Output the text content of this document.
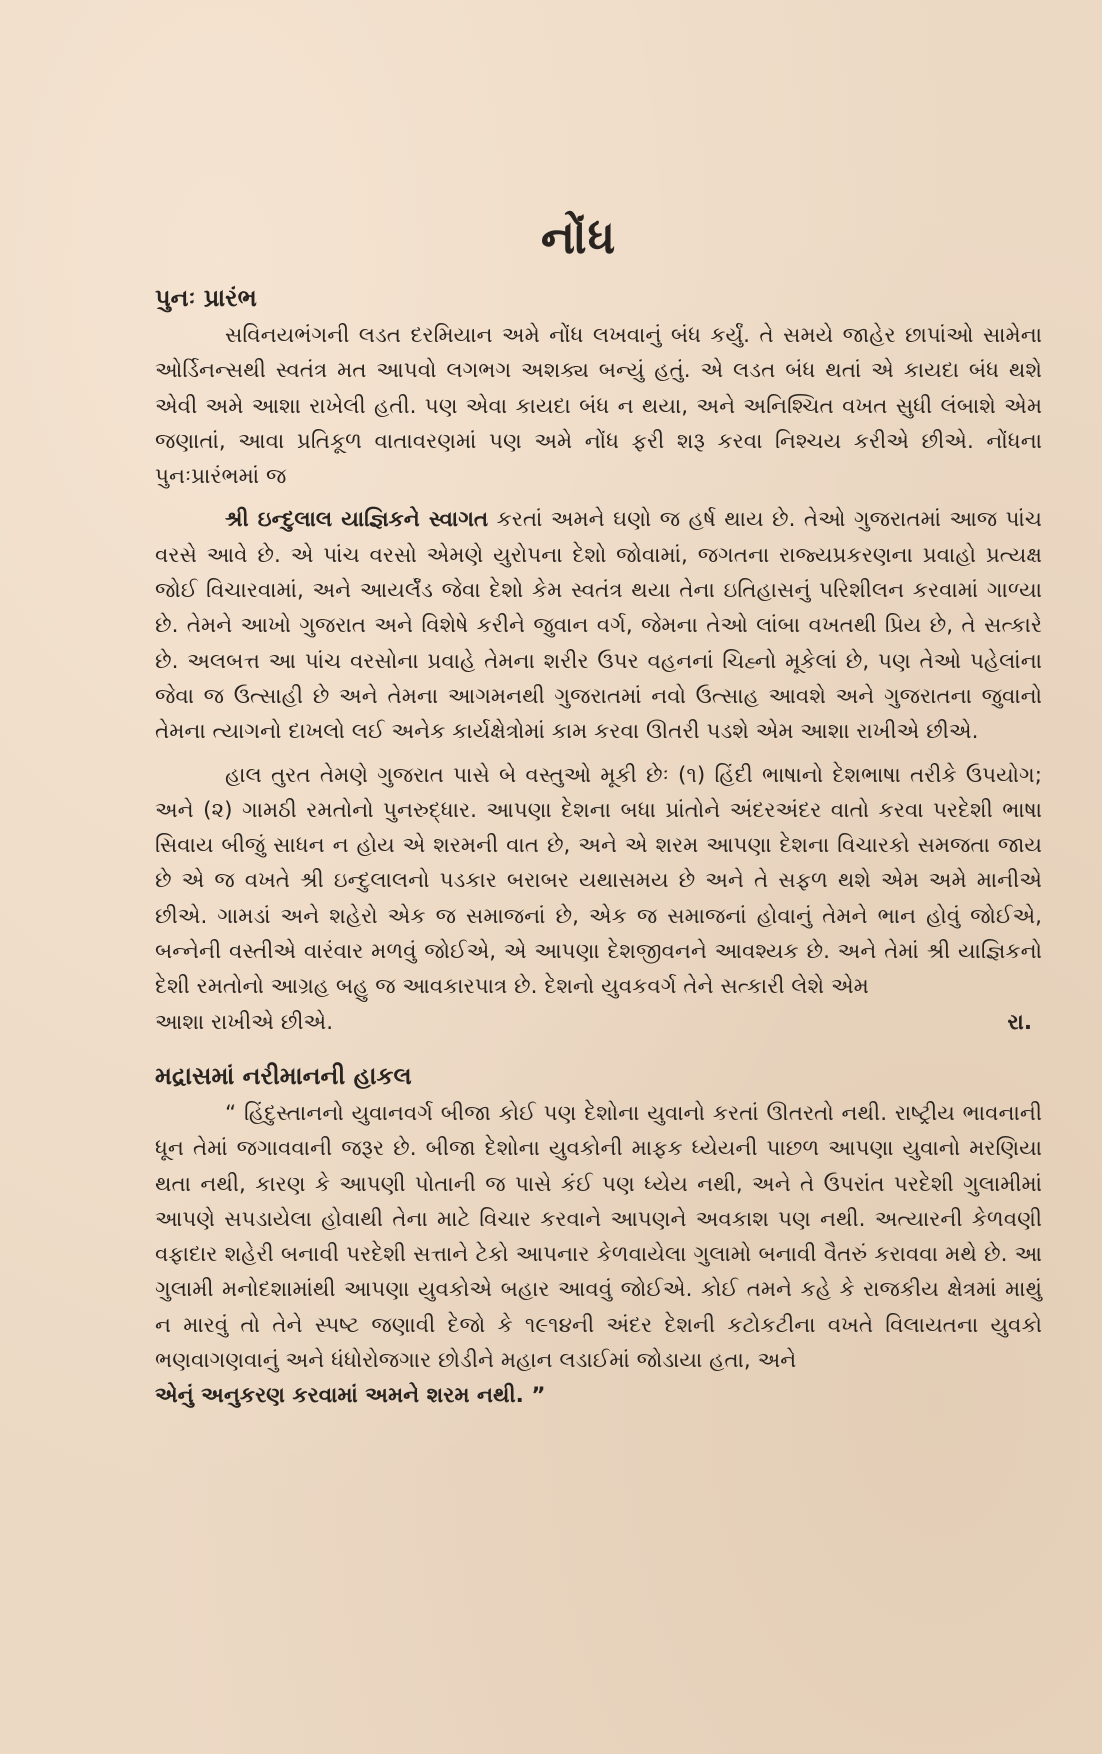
નોંધ
પુનઃ પ્રારંભ

સવિનયભંગની લડત દરમિયાન અમે નોંધ લખવાનું બંધ કર્યું. તે સમયે જાહેર છાપાંઓ સામેના ઓર્ડિનન્સથી સ્વતંત્ર મત આપવો લગભગ અશક્ય બન્યું હતું. એ લડત બંધ થતાં એ કાયદા બંધ થશે એવી અમે આશા રાખેલી હતી. પણ એવા કાયદા બંધ ન થયા, અને અનિશ્ચિત વખત સુધી લંબાશે એમ જણાતાં, આવા પ્રતિકૂળ વાતાવરણમાં પણ અમે નોંધ ફરી શરૂ કરવા નિશ્ચય કરીએ છીએ. નોંધના પુનઃપ્રારંભમાં જ

શ્રી ઇન્દુલાલ યાજ્ઞિકને સ્વાગત કરતાં અમને ઘણો જ હર્ષ થાય છે. તેઓ ગુજરાતમાં આજ પાંચ વરસે આવે છે. એ પાંચ વરસો એમણે યુરોપના દેશો જોવામાં, જગતના રાજ્યપ્રકરણના પ્રવાહો પ્રત્યક્ષ જોઈ વિચારવામાં, અને આયર્લૅંડ જેવા દેશો કેમ સ્વતંત્ર થયા તેના ઇતિહાસનું પરિશીલન કરવામાં ગાળ્યા છે. તેમને આખો ગુજરાત અને વિશેષે કરીને જુવાન વર્ગ, જેમના તેઓ લાંબા વખતથી પ્રિય છે, તે સત્કારે છે. અલબત્ત આ પાંચ વરસોના પ્રવાહે તેમના શરીર ઉપર વહનનાં ચિહ્નો મૂકેલાં છે, પણ તેઓ પહેલાંના જેવા જ ઉત્સાહી છે અને તેમના આગમનથી ગુજરાતમાં નવો ઉત્સાહ આવશે અને ગુજરાતના જુવાનો તેમના ત્યાગનો દાખલો લઈ અનેક કાર્યક્ષેત્રોમાં કામ કરવા ઊતરી પડશે એમ આશા રાખીએ છીએ.

હાલ તુરત તેમણે ગુજરાત પાસે બે વસ્તુઓ મૂકી છેઃ (૧) હિંદી ભાષાનો દેશભાષા તરીકે ઉપયોગ; અને (૨) ગામઠી રમતોનો પુનરુદ્ધાર. આપણા દેશના બધા પ્રાંતોને અંદરઅંદર વાતો કરવા પરદેશી ભાષા સિવાય બીજું સાધન ન હોય એ શરમની વાત છે, અને એ શરમ આપણા દેશના વિચારકો સમજતા જાય છે એ જ વખતે શ્રી ઇન્દુલાલનો પડકાર બરાબર યથાસમય છે અને તે સફળ થશે એમ અમે માનીએ છીએ. ગામડાં અને શહેરો એક જ સમાજનાં છે, એક જ સમાજનાં હોવાનું તેમને ભાન હોવું જોઈએ, બન્નેની વસ્તીએ વારંવાર મળવું જોઈએ, એ આપણા દેશજીવનને આવશ્યક છે. અને તેમાં શ્રી યાજ્ઞિકનો દેશી રમતોનો આગ્રહ બહુ જ આવકારપાત્ર છે. દેશનો યુવકવર્ગ તેને સત્કારી લેશે એમ

આશા રાખીએ છીએ.	રા.
મદ્રાસમાં નરીમાનની હાકલ

“ હિંદુસ્તાનનો યુવાનવર્ગ બીજા કોઈ પણ દેશોના યુવાનો કરતાં ઊતરતો નથી. રાષ્ટ્રીય ભાવનાની ધૂન તેમાં જગાવવાની જરૂર છે. બીજા દેશોના યુવકોની માફક ધ્યેયની પાછળ આપણા યુવાનો મરણિયા થતા નથી, કારણ કે આપણી પોતાની જ પાસે કંઈ પણ ધ્યેય નથી, અને તે ઉપરાંત પરદેશી ગુલામીમાં આપણે સપડાયેલા હોવાથી તેના માટે વિચાર કરવાને આપણને અવકાશ પણ નથી. અત્યારની કેળવણી વફાદાર શહેરી બનાવી પરદેશી સત્તાને ટેકો આપનાર કેળવાયેલા ગુલામો બનાવી વૈતરું કરાવવા મથે છે. આ ગુલામી મનોદશામાંથી આપણા યુવકોએ બહાર આવવું જોઈએ. કોઈ તમને કહે કે રાજકીય ક્ષેત્રમાં માથું ન મારવું તો તેને સ્પષ્ટ જણાવી દેજો કે ૧૯૧૪ની અંદર દેશની કટોકટીના વખતે વિલાયતના યુવકો ભણવાગણવાનું અને ધંધોરોજગાર છોડીને મહાન લડાઈમાં જોડાયા હતા, અને

એનું અનુકરણ કરવામાં અમને શરમ નથી. ”
